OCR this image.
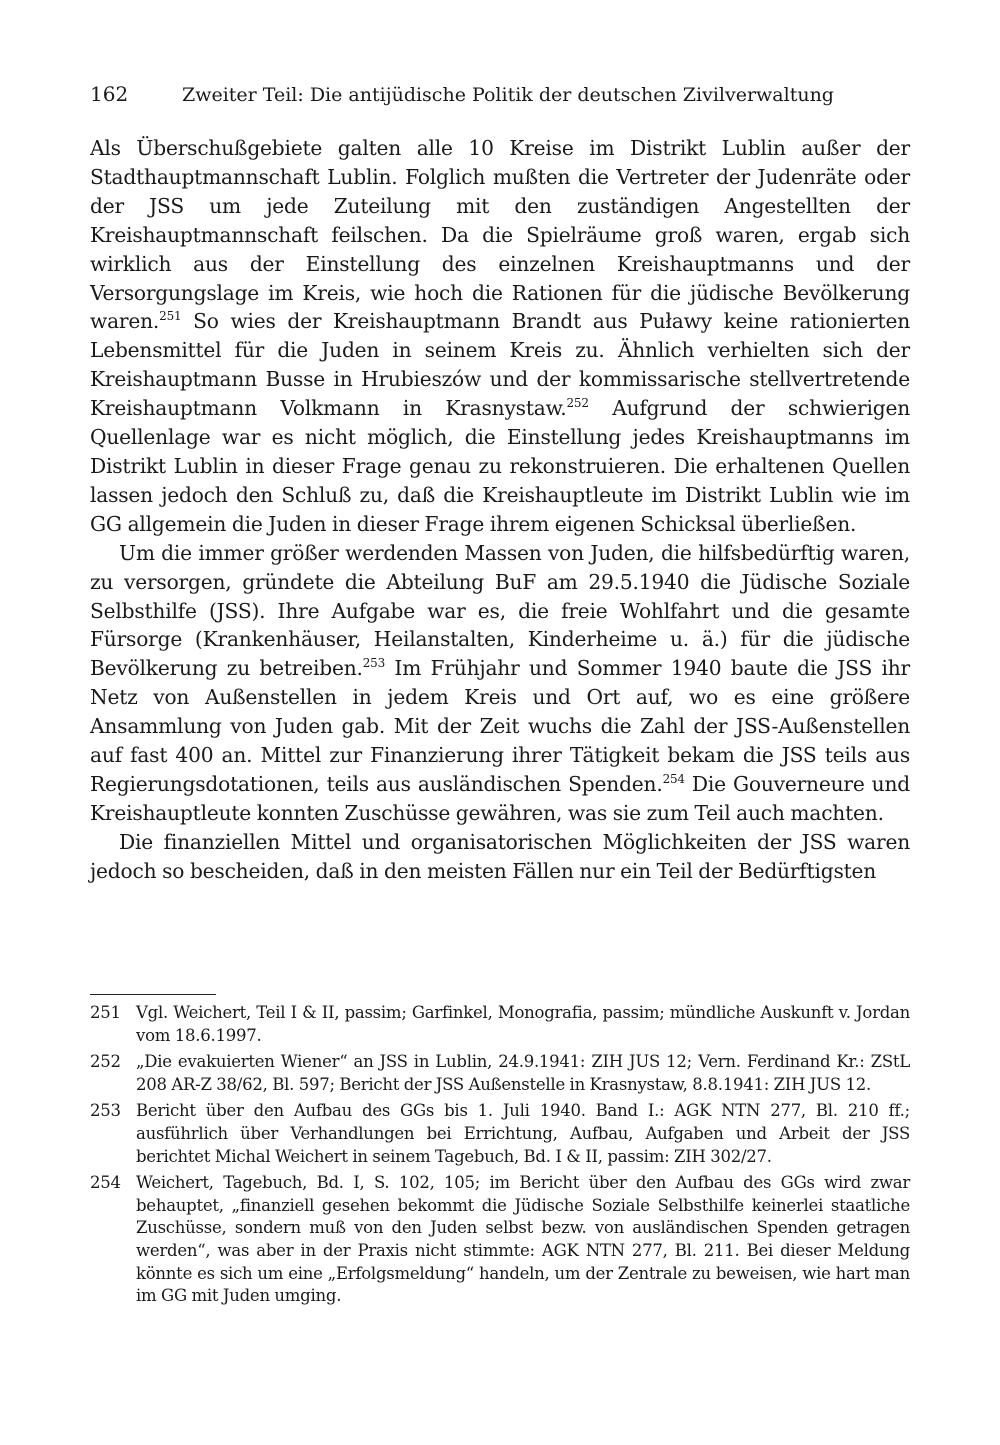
162	Zweiter Teil: Die antijüdische Politik der deutschen Zivilverwaltung

Als Überschußgebiete galten alle 10 Kreise im Distrikt Lublin außer der Stadthauptmannschaft Lublin. Folglich mußten die Vertreter der Judenräte oder der JSS um jede Zuteilung mit den zuständigen Angestellten der Kreishauptmannschaft feilschen. Da die Spielräume groß waren, ergab sich wirklich aus der Einstellung des einzelnen Kreishauptmanns und der Versorgungslage im Kreis, wie hoch die Rationen für die jüdische Bevölkerung waren.$^{251}$ So wies der Kreishauptmann Brandt aus Puławy keine rationierten Lebensmittel für die Juden in seinem Kreis zu. Ähnlich verhielten sich der Kreishauptmann Busse in Hrubieszów und der kommissarische stellvertretende Kreishauptmann Volkmann in Krasnystaw.$^{252}$ Aufgrund der schwierigen Quellenlage war es nicht möglich, die Einstellung jedes Kreishauptmanns im Distrikt Lublin in dieser Frage genau zu rekonstruieren. Die erhaltenen Quellen lassen jedoch den Schluß zu, daß die Kreishauptleute im Distrikt Lublin wie im GG allgemein die Juden in dieser Frage ihrem eigenen Schicksal überließen.

Um die immer größer werdenden Massen von Juden, die hilfsbedürftig waren, zu versorgen, gründete die Abteilung BuF am 29.5.1940 die Jüdische Soziale Selbsthilfe (JSS). Ihre Aufgabe war es, die freie Wohlfahrt und die gesamte Fürsorge (Krankenhäuser, Heilanstalten, Kinderheime u. ä.) für die jüdische Bevölkerung zu betreiben.$^{253}$ Im Frühjahr und Sommer 1940 baute die JSS ihr Netz von Außenstellen in jedem Kreis und Ort auf, wo es eine größere Ansammlung von Juden gab. Mit der Zeit wuchs die Zahl der JSS-Außenstellen auf fast 400 an. Mittel zur Finanzierung ihrer Tätigkeit bekam die JSS teils aus Regierungsdotationen, teils aus ausländischen Spenden.$^{254}$ Die Gouverneure und Kreishauptleute konnten Zuschüsse gewähren, was sie zum Teil auch machten.

Die finanziellen Mittel und organisatorischen Möglichkeiten der JSS waren jedoch so bescheiden, daß in den meisten Fällen nur ein Teil der Bedürftigsten

251 Vgl. Weichert, Teil I & II, passim; Garfinkel, Monografia, passim; mündliche Auskunft v. Jordan vom 18.6.1997.
252 „Die evakuierten Wiener“ an JSS in Lublin, 24.9.1941: ZIH JUS 12; Vern. Ferdinand Kr.: ZStL 208 AR-Z 38/62, Bl. 597; Bericht der JSS Außenstelle in Krasnystaw, 8.8.1941: ZIH JUS 12.
253 Bericht über den Aufbau des GGs bis 1. Juli 1940. Band I.: AGK NTN 277, Bl. 210 ff.; ausführlich über Verhandlungen bei Errichtung, Aufbau, Aufgaben und Arbeit der JSS berichtet Michal Weichert in seinem Tagebuch, Bd. I & II, passim: ZIH 302/27.
254 Weichert, Tagebuch, Bd. I, S. 102, 105; im Bericht über den Aufbau des GGs wird zwar behauptet, „finanziell gesehen bekommt die Jüdische Soziale Selbsthilfe keinerlei staatliche Zuschüsse, sondern muß von den Juden selbst bezw. von ausländischen Spenden getragen werden“, was aber in der Praxis nicht stimmte: AGK NTN 277, Bl. 211. Bei dieser Meldung könnte es sich um eine „Erfolgsmeldung“ handeln, um der Zentrale zu beweisen, wie hart man im GG mit Juden umging.
